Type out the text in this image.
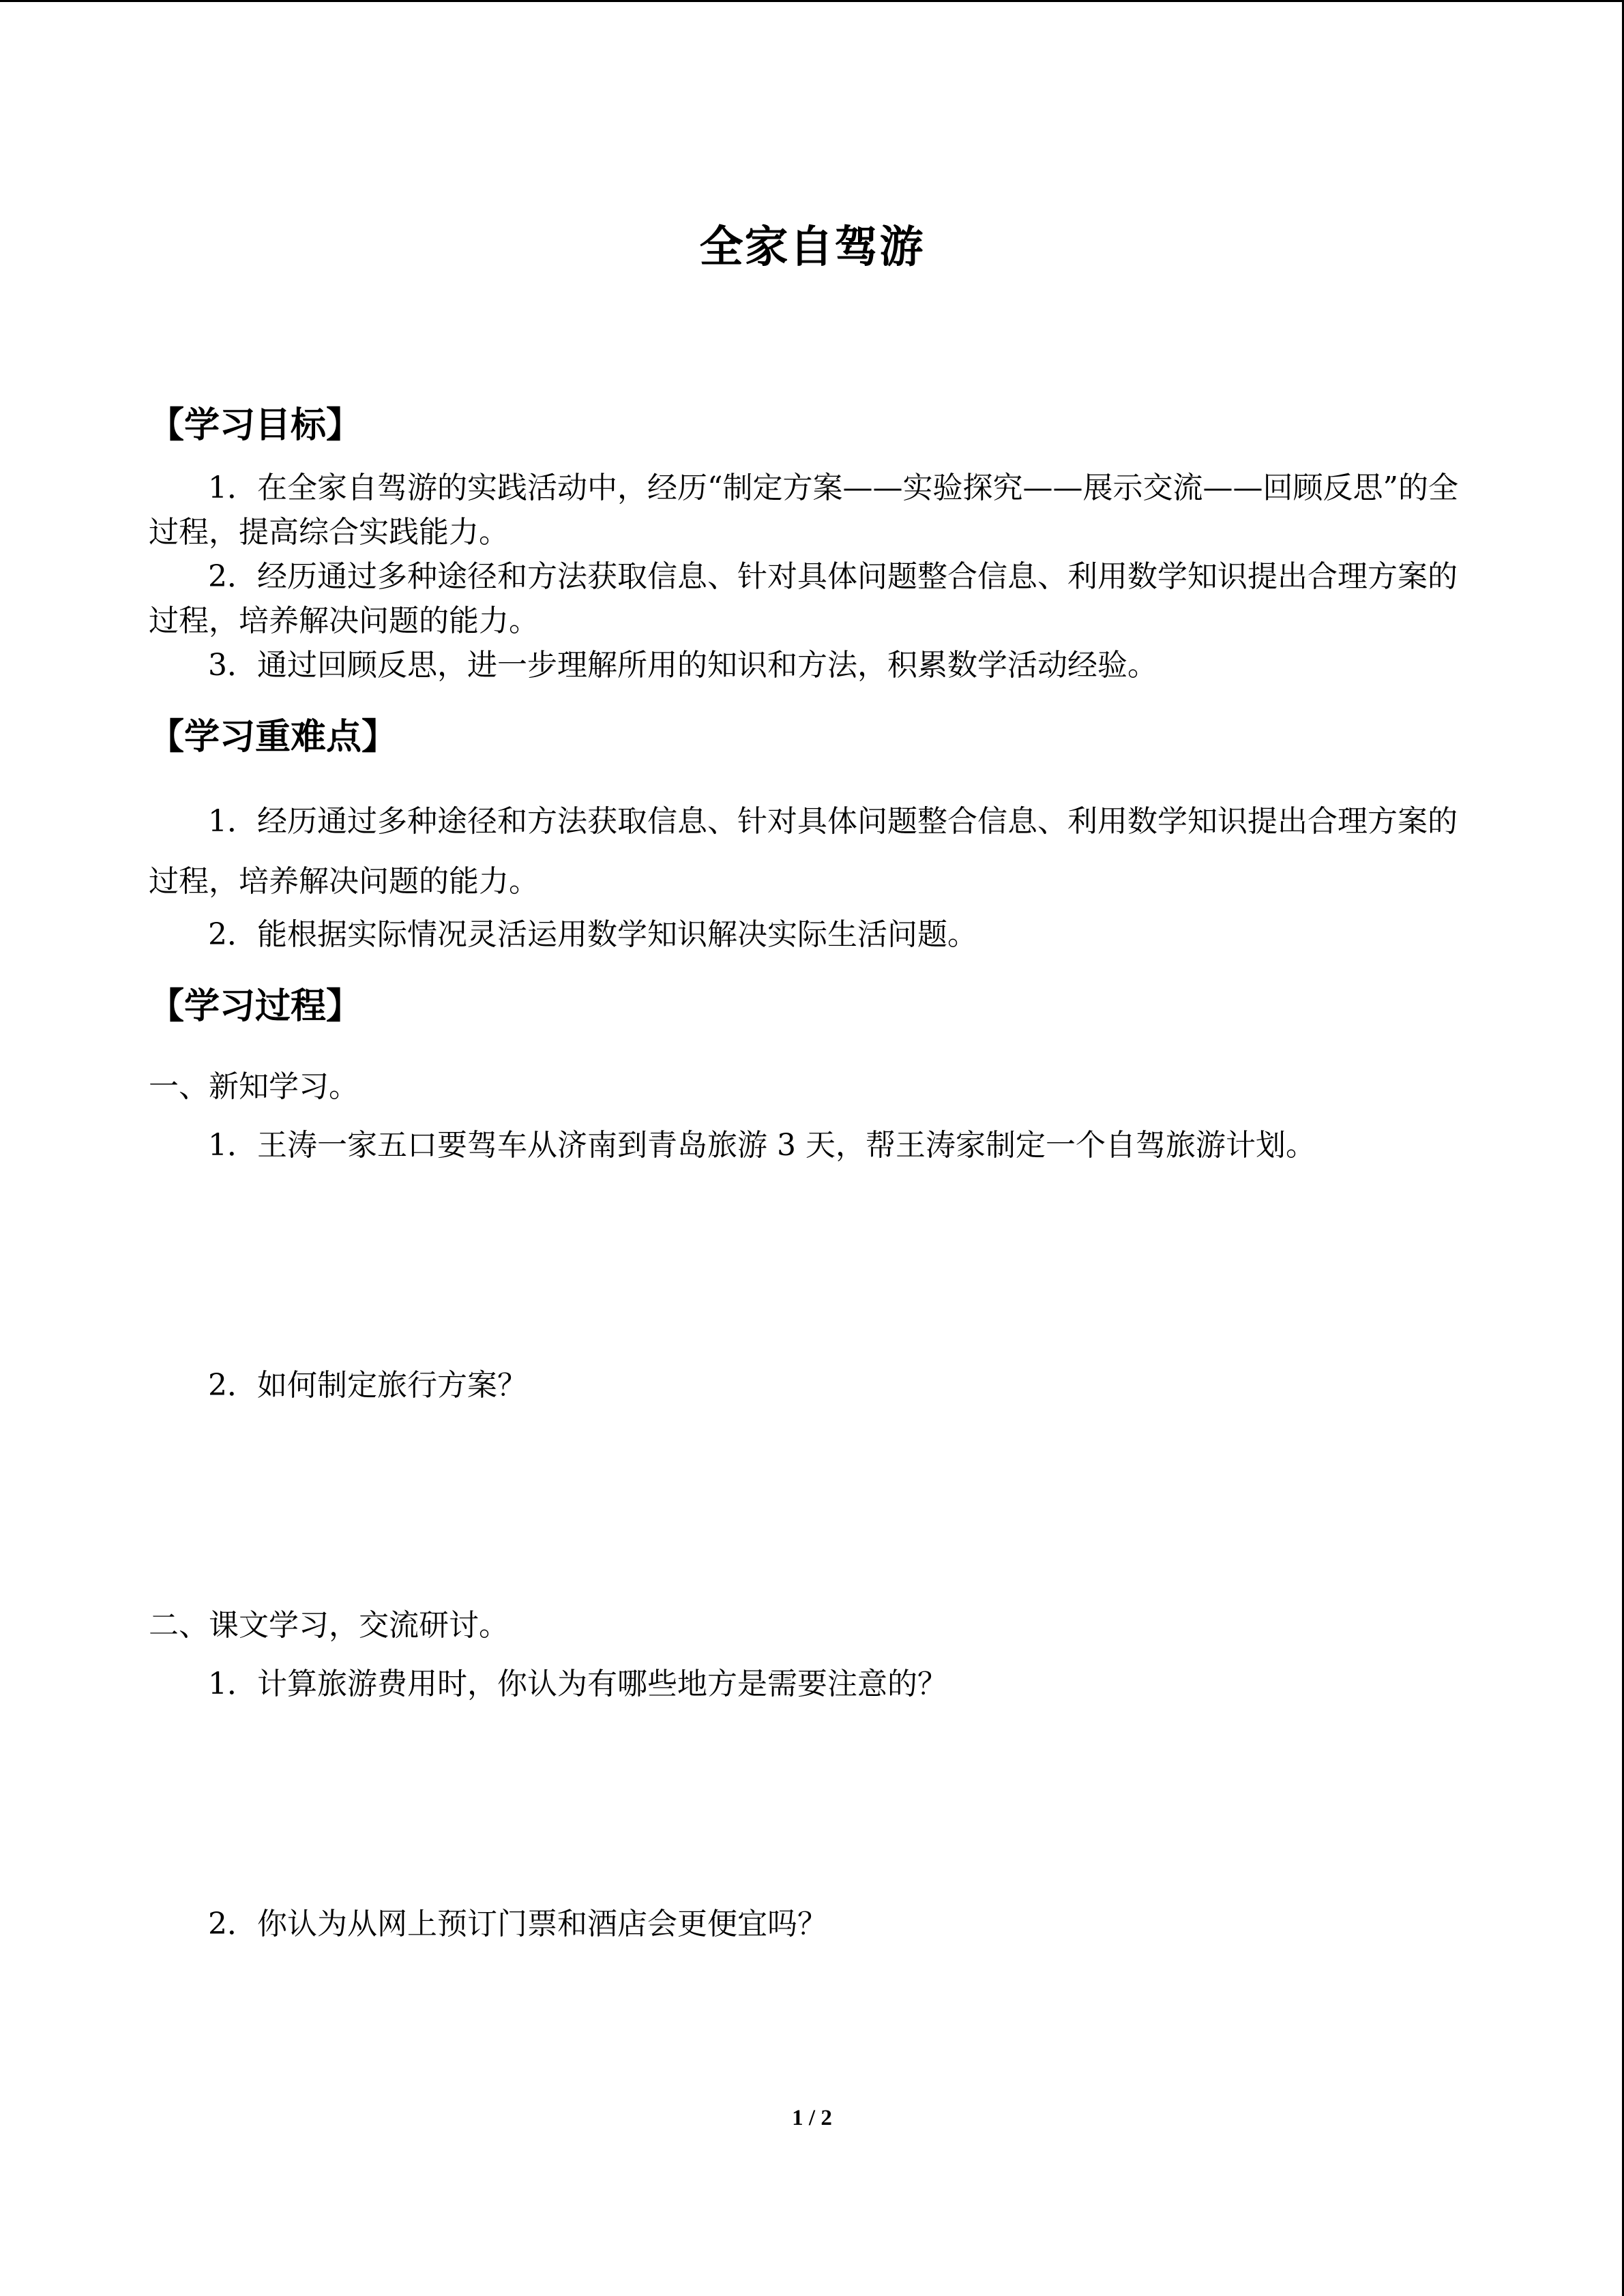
全家自驾游
【学习目标】
1．在全家自驾游的实践活动中，经历“制定方案——实验探究——展示交流——回顾反思”的全过程，提高综合实践能力。
2．经历通过多种途径和方法获取信息、针对具体问题整合信息、利用数学知识提出合理方案的过程，培养解决问题的能力。
3．通过回顾反思，进一步理解所用的知识和方法，积累数学活动经验。
【学习重难点】
1．经历通过多种途径和方法获取信息、针对具体问题整合信息、利用数学知识提出合理方案的过程，培养解决问题的能力。
2．能根据实际情况灵活运用数学知识解决实际生活问题。
【学习过程】
一、新知学习。
1．王涛一家五口要驾车从济南到青岛旅游 3 天，帮王涛家制定一个自驾旅游计划。
2．如何制定旅行方案？
二、课文学习，交流研讨。
1．计算旅游费用时，你认为有哪些地方是需要注意的？
2．你认为从网上预订门票和酒店会更便宜吗？
1 / 2
